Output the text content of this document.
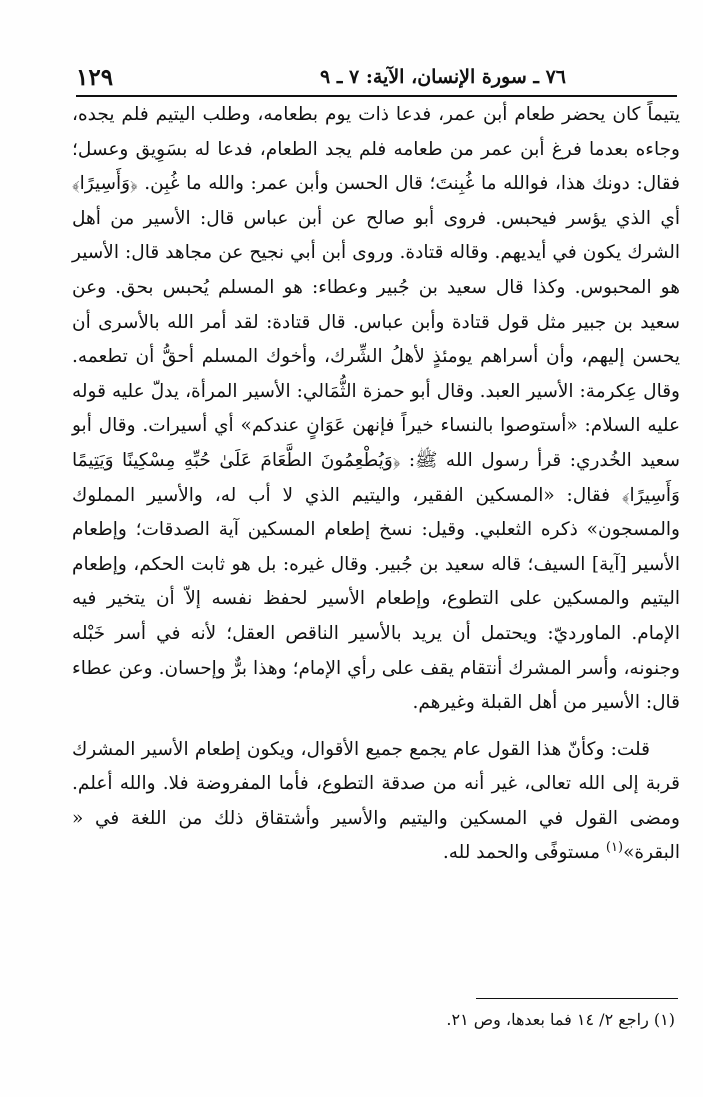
١٢٩	٧٦ ـ سورة الإنسان، الآية: ٧ ـ ٩

يتيماً كان يحضر طعام أبن عمر، فدعا ذات يوم بطعامه، وطلب اليتيم فلم يجده، وجاءه بعدما فرغ أبن عمر من طعامه فلم يجد الطعام، فدعا له بسَوِيق وعسل؛ فقال: دونك هذا، فوالله ما غُبِنتَ؛ قال الحسن وأبن عمر: والله ما غُبِن. ﴿وَأَسِيرًا﴾ أي الذي يؤسر فيحبس. فروى أبو صالح عن أبن عباس قال: الأسير من أهل الشرك يكون في أيديهم. وقاله قتادة. وروى أبن أبي نجيح عن مجاهد قال: الأسير هو المحبوس. وكذا قال سعيد بن جُبير وعطاء: هو المسلم يُحبس بحق. وعن سعيد بن جبير مثل قول قتادة وأبن عباس. قال قتادة: لقد أمر الله بالأسرى أن يحسن إليهم، وأن أسراهم يومئذٍ لأهلُ الشِّرك، وأخوك المسلم أحقُّ أن تطعمه. وقال عِكرمة: الأسير العبد. وقال أبو حمزة الثُّمَالي: الأسير المرأة، يدلّ عليه قوله عليه السلام: «أستوصوا بالنساء خيراً فإنهن عَوَانٍ عندكم» أي أسيرات. وقال أبو سعيد الخُدري: قرأ رسول الله ﷺ: ﴿وَيُطْعِمُونَ الطَّعَامَ عَلَىٰ حُبِّهِ مِسْكِينًا وَيَتِيمًا وَأَسِيرًا﴾ فقال: «المسكين الفقير، واليتيم الذي لا أب له، والأسير المملوك والمسجون» ذكره الثعلبي. وقيل: نسخ إطعام المسكين آية الصدقات؛ وإطعام الأسير [آية] السيف؛ قاله سعيد بن جُبير. وقال غيره: بل هو ثابت الحكم، وإطعام اليتيم والمسكين على التطوع، وإطعام الأسير لحفظ نفسه إلاّ أن يتخير فيه الإمام. الماورديّ: ويحتمل أن يريد بالأسير الناقص العقل؛ لأنه في أسر خَبْله وجنونه، وأسر المشرك أنتقام يقف على رأي الإمام؛ وهذا برٌّ وإحسان. وعن عطاء قال: الأسير من أهل القبلة وغيرهم.

قلت: وكأنّ هذا القول عام يجمع جميع الأقوال، ويكون إطعام الأسير المشرك قربة إلى الله تعالى، غير أنه من صدقة التطوع، فأما المفروضة فلا. والله أعلم. ومضى القول في المسكين واليتيم والأسير وأشتقاق ذلك من اللغة في « البقرة»$^{(١)}$ مستوفًى والحمد لله.

(١) راجع ٢/ ١٤ فما بعدها، وص ٢١.
